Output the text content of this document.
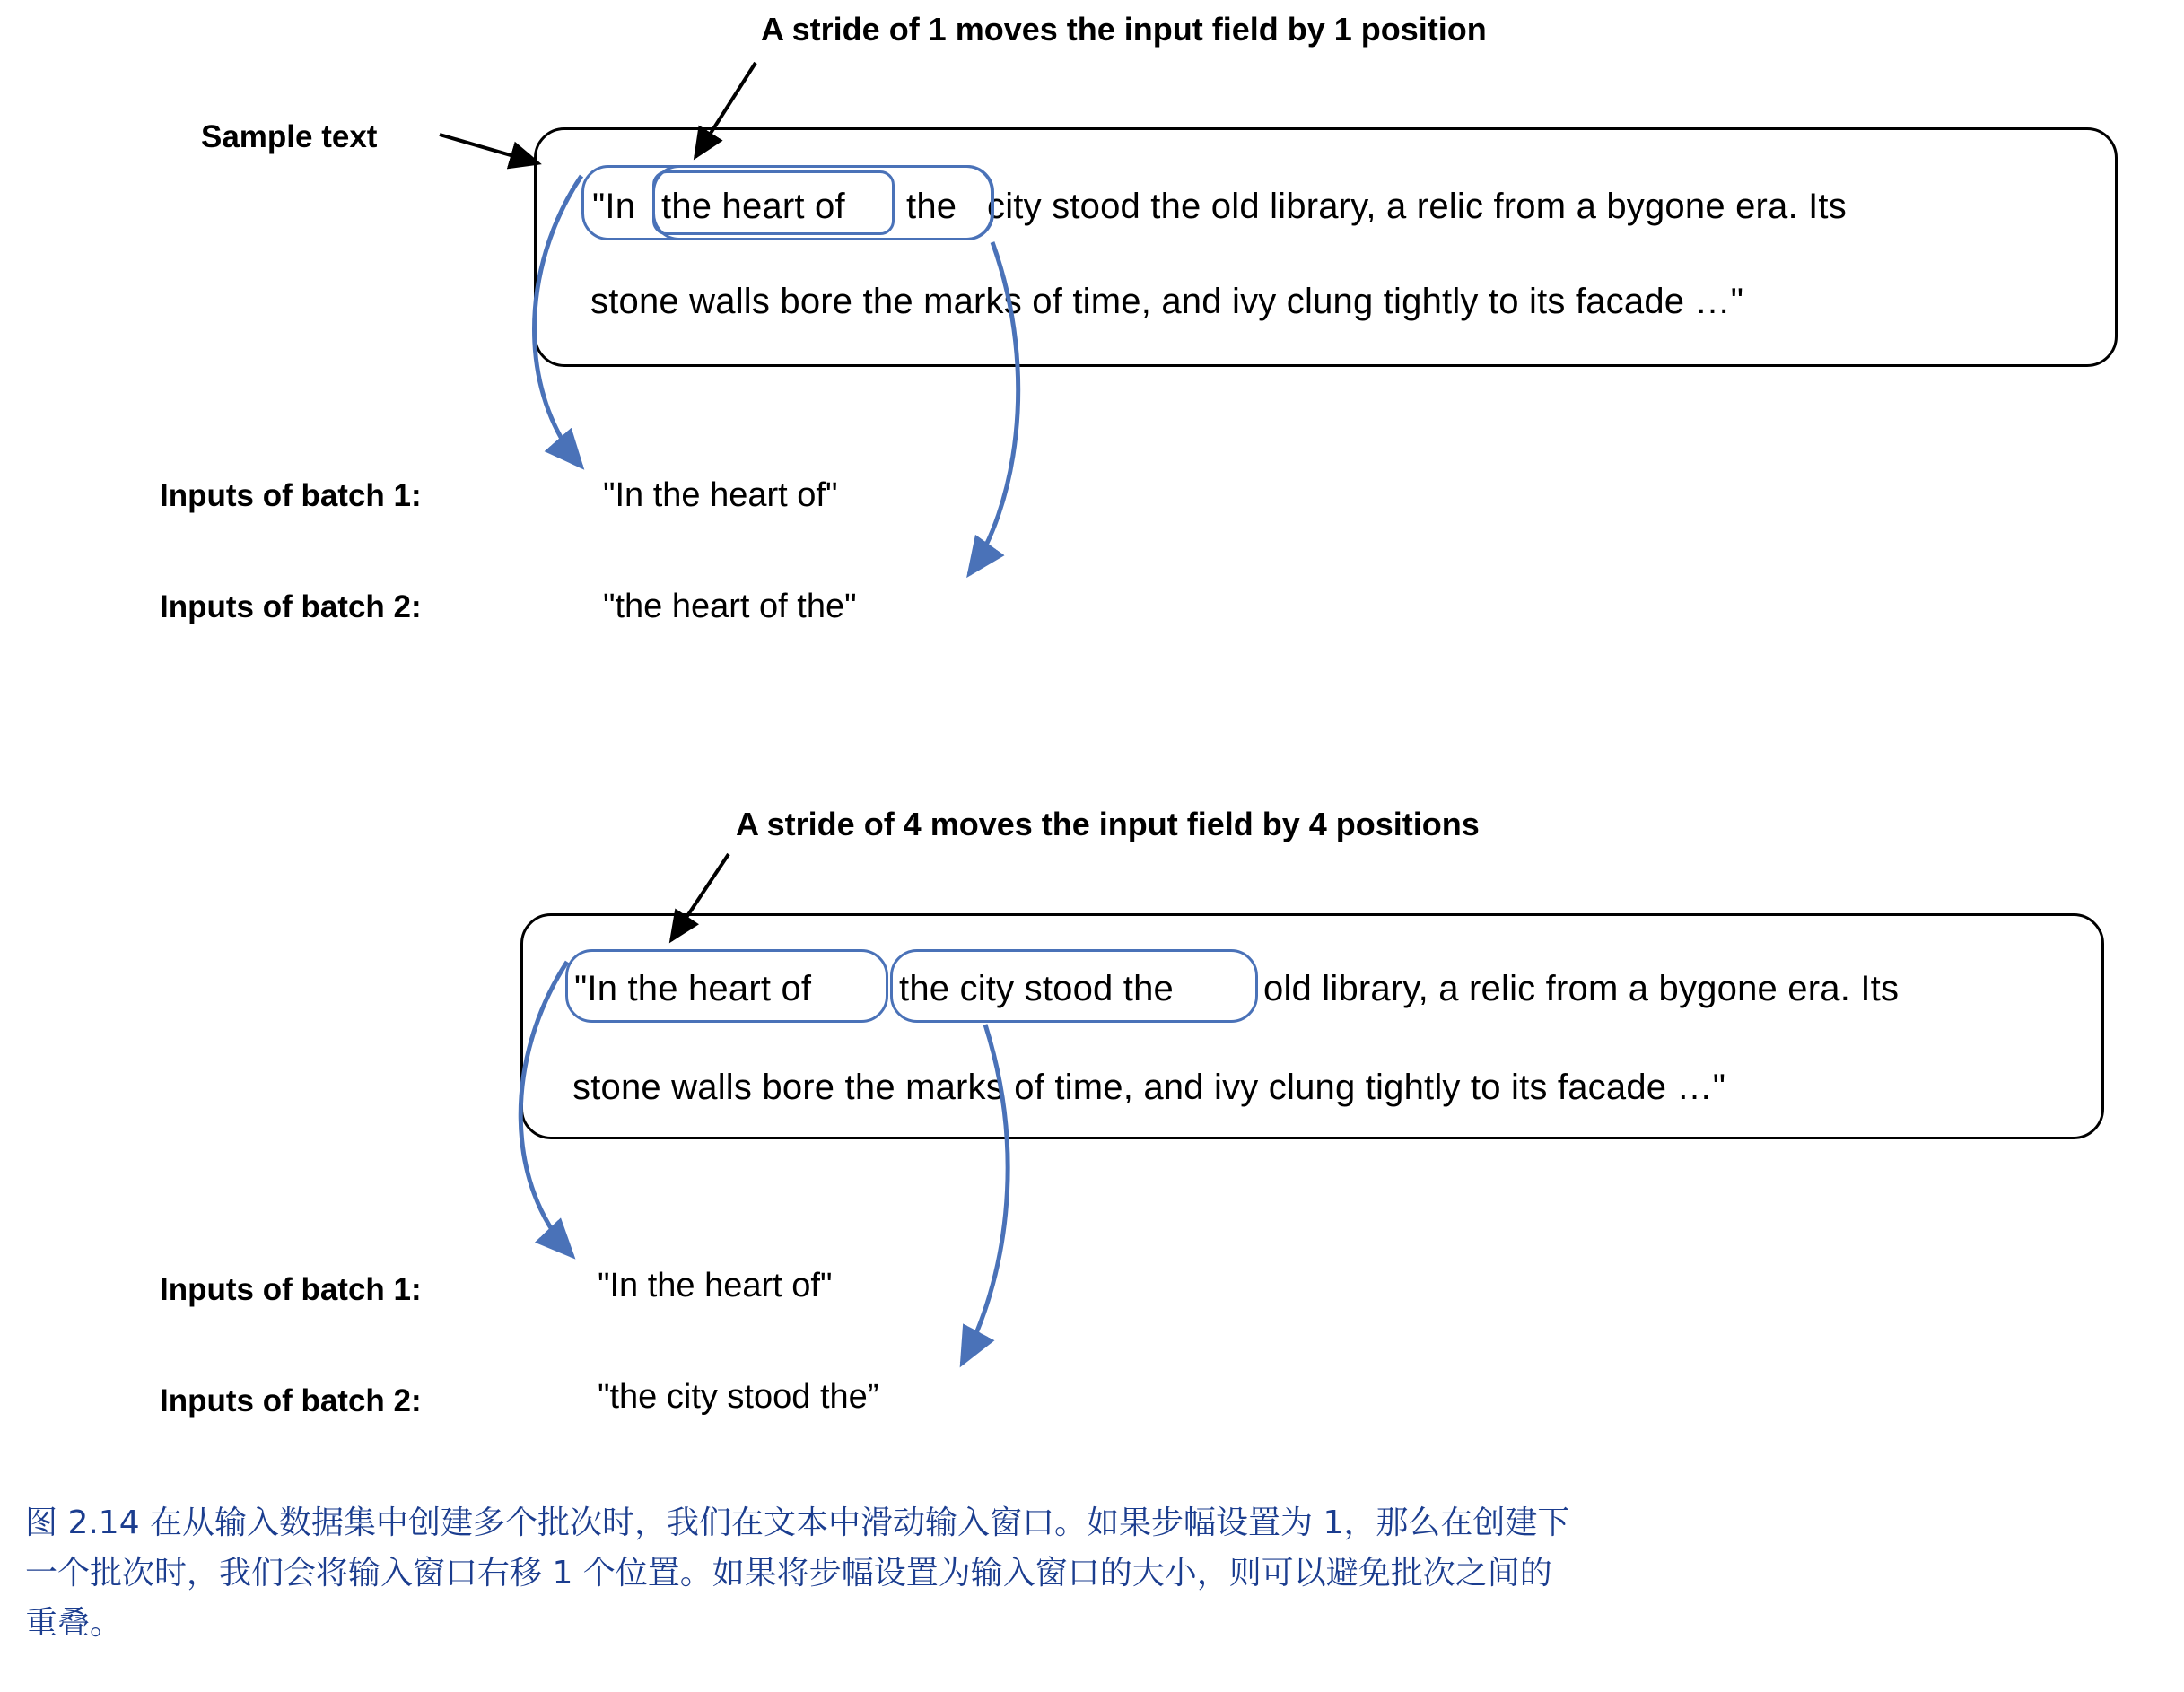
A stride of 1 moves the input field by 1 position
Sample text
"In the heart of the city stood the old library, a relic from a bygone era. Its
stone walls bore the marks of time, and ivy clung tightly to its facade …"
Inputs of batch 1:	"In the heart of"
Inputs of batch 2:	"the heart of the"
A stride of 4 moves the input field by 4 positions
"In the heart of the city stood the old library, a relic from a bygone era. Its
stone walls bore the marks of time, and ivy clung tightly to its facade …"
Inputs of batch 1:	"In the heart of"
Inputs of batch 2:	"the city stood the”
图 2.14 在从输入数据集中创建多个批次时，我们在文本中滑动输入窗口。如果步幅设置为 1，那么在创建下
一个批次时，我们会将输入窗口右移 1 个位置。如果将步幅设置为输入窗口的大小，则可以避免批次之间的
重叠。
